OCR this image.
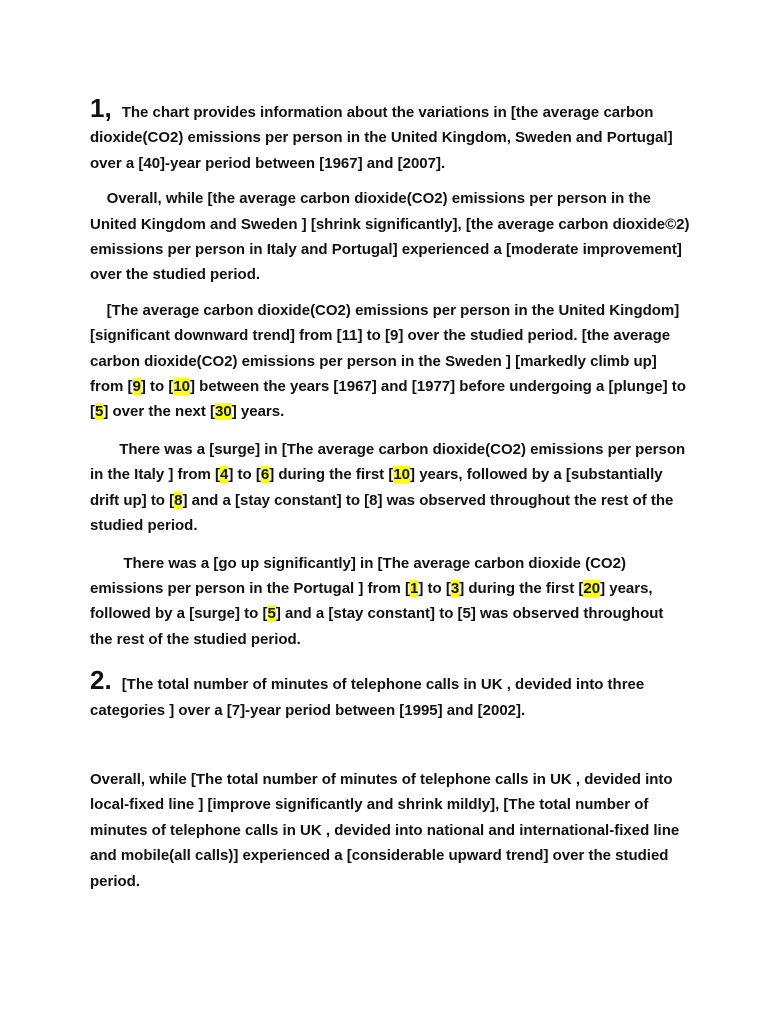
1, The chart provides information about the variations in [the average carbon dioxide(CO2) emissions per person in the United Kingdom, Sweden and Portugal] over a [40]-year period between [1967] and [2007].

Overall, while [the average carbon dioxide(CO2) emissions per person in the United Kingdom and Sweden ] [shrink significantly], [the average carbon dioxide©2) emissions per person in Italy and Portugal] experienced a [moderate improvement] over the studied period.

[The average carbon dioxide(CO2) emissions per person in the United Kingdom] [significant downward trend] from [11] to [9] over the studied period. [the average carbon dioxide(CO2) emissions per person in the Sweden ] [markedly climb up] from [9] to [10] between the years [1967] and [1977] before undergoing a [plunge] to [5] over the next [30] years.

There was a [surge] in [The average carbon dioxide(CO2) emissions per person in the Italy ] from [4] to [6] during the first [10] years, followed by a [substantially drift up] to [8] and a [stay constant] to [8] was observed throughout the rest of the studied period.

There was a [go up significantly] in [The average carbon dioxide (CO2) emissions per person in the Portugal ] from [1] to [3] during the first [20] years, followed by a [surge] to [5] and a [stay constant] to [5] was observed throughout the rest of the studied period.

2. [The total number of minutes of telephone calls in UK , devided into three categories ] over a [7]-year period between [1995] and [2002].

Overall, while [The total number of minutes of telephone calls in UK , devided into local-fixed line ] [improve significantly and shrink mildly], [The total number of minutes of telephone calls in UK , devided into national and international-fixed line and mobile(all calls)] experienced a [considerable upward trend] over the studied period.
